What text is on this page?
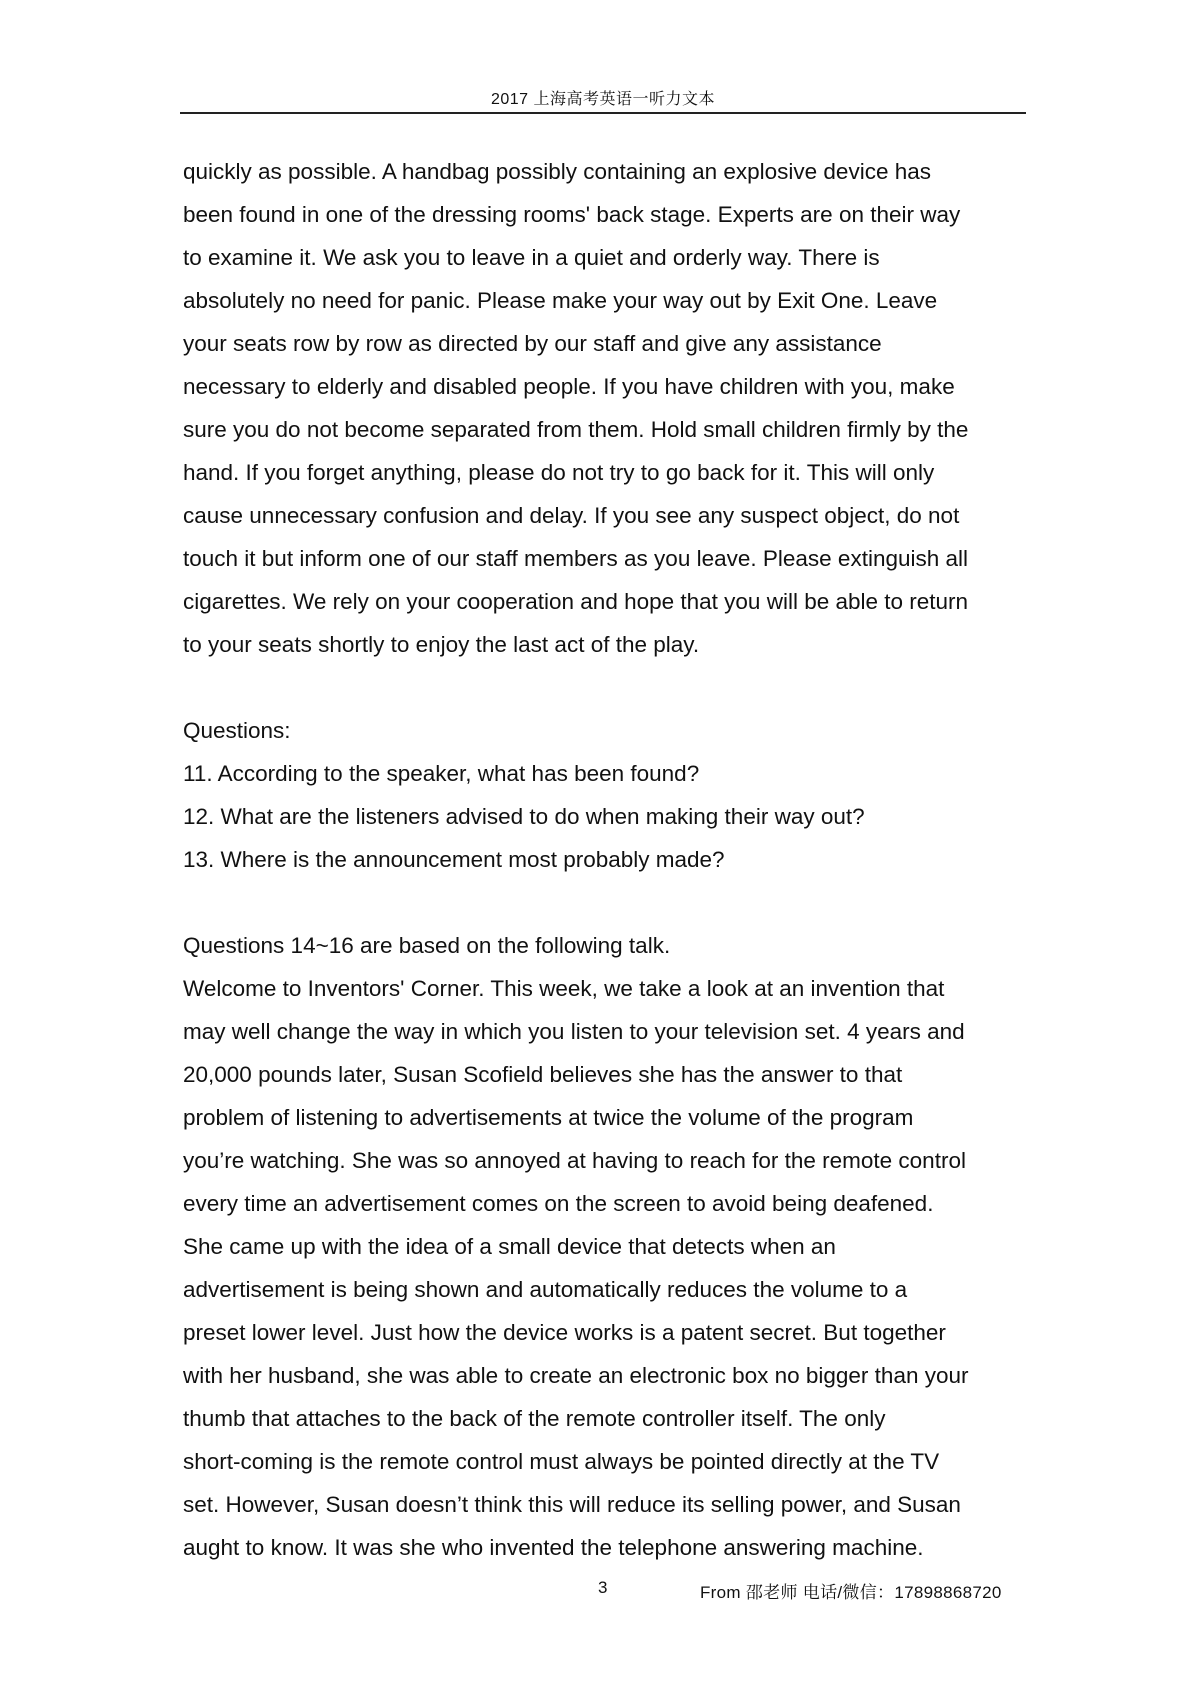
2017 上海高考英语一听力文本
quickly as possible. A handbag possibly containing an explosive device has
been found in one of the dressing rooms' back stage. Experts are on their way
to examine it. We ask you to leave in a quiet and orderly way. There is
absolutely no need for panic. Please make your way out by Exit One. Leave
your seats row by row as directed by our staff and give any assistance
necessary to elderly and disabled people. If you have children with you, make
sure you do not become separated from them. Hold small children firmly by the
hand. If you forget anything, please do not try to go back for it. This will only
cause unnecessary confusion and delay. If you see any suspect object, do not
touch it but inform one of our staff members as you leave. Please extinguish all
cigarettes. We rely on your cooperation and hope that you will be able to return
to your seats shortly to enjoy the last act of the play.
Questions:
11. According to the speaker, what has been found?
12. What are the listeners advised to do when making their way out?
13. Where is the announcement most probably made?
Questions 14~16 are based on the following talk.
Welcome to Inventors' Corner. This week, we take a look at an invention that
may well change the way in which you listen to your television set. 4 years and
20,000 pounds later, Susan Scofield believes she has the answer to that
problem of listening to advertisements at twice the volume of the program
you’re watching. She was so annoyed at having to reach for the remote control
every time an advertisement comes on the screen to avoid being deafened.
She came up with the idea of a small device that detects when an
advertisement is being shown and automatically reduces the volume to a
preset lower level. Just how the device works is a patent secret. But together
with her husband, she was able to create an electronic box no bigger than your
thumb that attaches to the back of the remote controller itself. The only
short-coming is the remote control must always be pointed directly at the TV
set. However, Susan doesn’t think this will reduce its selling power, and Susan
aught to know. It was she who invented the telephone answering machine.
3	From 邵老师 电话/微信：17898868720
